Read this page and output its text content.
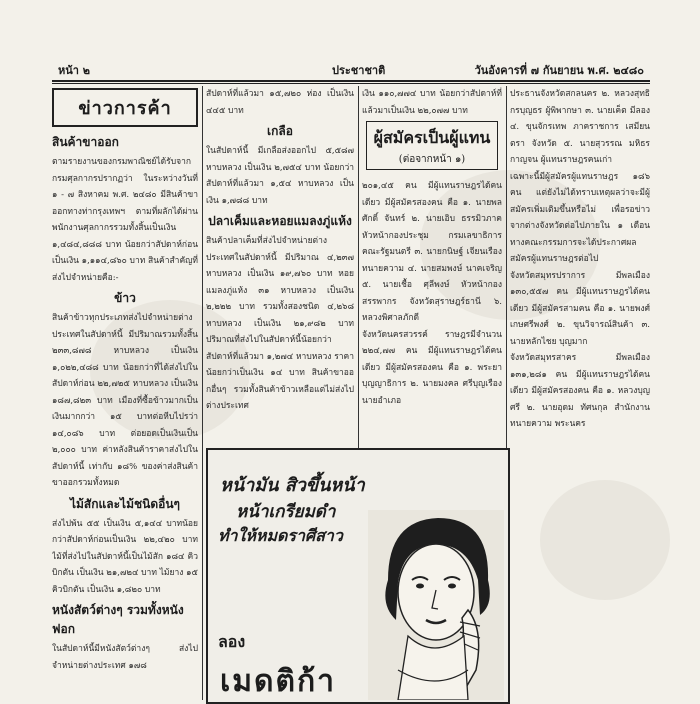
หน้า ๒	ประชาชาติ	วันอังคารที่ ๗ กันยายน พ.ศ. ๒๔๘๐
ข่าวการค้า
สินค้าขาออก
ตามรายงานของกรมพาณิชย์ได้รับจากกรมศุลกากรปรากฏว่า ในระหว่างวันที่ ๑ - ๗ สิงหาคม พ.ศ. ๒๔๘๐ มีสินค้าขาออกทางท่ากรุงเทพฯ ตามที่ผลักได้ผ่านพนักงานศุลกากรรวมทั้งสิ้นเป็นเงิน ๑,๔๘๔,๘๘๘ บาท น้อยกว่าสัปดาห์ก่อนเป็นเงิน ๑,๑๑๔,๘๖๐ บาท สินค้าสำคัญที่ส่งไปจำหน่ายคือ:-
ข้าว
สินค้าข้าวทุกประเภทส่งไปจำหน่ายต่างประเทศในสัปดาห์นี้ มีปริมาณรวมทั้งสิ้น ๒๓๓,๘๗๘ หาบหลวง เป็นเงิน ๑,๐๒๒,๔๘๘ บาท น้อยกว่าที่ได้ส่งไปในสัปดาห์ก่อน ๒๒,๗๒๕ หาบหลวง เป็นเงิน ๑๘๗,๘๒๓ บาท เมืองที่ซื้อข้าวมากเป็นเงินมากกว่า ๑๕ บาทต่อหีบไปรว่า ๑๔,๐๘๖ บาท ต่อยอดเป็นเงินเป็น ๒,๐๐๐ บาท ค่าหลังสินค้าราคาส่งไปในสัปดาห์นี้ เท่ากับ ๑๘% ของค่าส่งสินค้าขาออกรวมทั้งหมด
ไม้สักและไม้ชนิดอื่นๆ
ส่งไปพ้น ๕๕ เป็นเงิน ๕,๑๔๔ บาทน้อยกว่าสัปดาห์ก่อนเป็นเงิน ๒๒,๔๒๐ บาท ไม้ที่ส่งไปในสัปดาห์นี้เป็นไม้สัก ๑๘๔ คิวบิกตัน เป็นเงิน ๒๑,๗๒๔ บาท ไม้ยาง ๑๕ คิวบิกตัน เป็นเงิน ๑,๘๒๐ บาท
หนังสัตว์ต่างๆ รวมทั้งหนังฟอก
ในสัปดาห์นี้มีหนังสัตว์ต่างๆ ส่งไปจำหน่ายต่างประเทศ ๑๗๘
สัปดาห์ที่แล้วมา ๑๕,๗๒๐ ห่อง เป็นเงิน ๔๔๕ บาท
เกลือ
ในสัปดาห์นี้ มีเกลือส่งออกไป ๕,๕๘๗ หาบหลวง เป็นเงิน ๒,๗๕๔ บาท น้อยกว่าสัปดาห์ที่แล้วมา ๑,๕๔ หาบหลวง เป็นเงิน ๑,๗๘๘ บาท
ปลาเค็มและหอยแมลงภู่แห้ง
สินค้าปลาเค็มที่ส่งไปจำหน่ายต่างประเทศในสัปดาห์นี้ มีปริมาณ ๔,๒๓๗ หาบหลวง เป็นเงิน ๑๙,๗๖๐ บาท หอยแมลงภู่แห้ง ๓๑ หาบหลวง เป็นเงิน ๒,๒๒๒ บาท รวมทั้งสองชนิด ๔,๒๖๘ หาบหลวง เป็นเงิน ๒๑,๙๘๒ บาท ปริมาณที่ส่งไปในสัปดาห์นี้น้อยกว่าสัปดาห์ที่แล้วมา ๑,๒๗๔ หาบหลวง ราคาน้อยกว่าเป็นเงิน ๑๔ บาท สินค้าขาออกอื่นๆ รวมทั้งสินค้าข้าวเหลือแต่ไม่ส่งไปต่างประเทศ
เงิน ๑๑๐,๗๗๔ บาท น้อยกว่าสัปดาห์ที่แล้วมาเป็นเงิน ๒๒,๐๗๗ บาท
ผู้สมัครเป็นผู้แทน
(ต่อจากหน้า ๑)
๒๐๑,๔๕ คน มีผู้แทนราษฎรได้คนเดียว มีผู้สมัครสองคน คือ ๑. นายพลศักดิ์ จันทร์ ๒. นายเอิบ ธรรมิวภาค หัวหน้ากองประชุม กรมเลขาธิการคณะรัฐมนตรี ๓. นายกนิษฐ์ เจียนเรือง ทนายความ ๔. นายสมพงษ์ นาคเจริญ ๕. นายเชื้อ ศุลีพงษ์ หัวหน้ากองสรรพากร จังหวัดสุราษฎร์ธานี ๖. หลวงพิศาลภักดี
จังหวัดนครสวรรค์ ราษฎรมีจำนวน ๒๒๔,๗๗ คน มีผู้แทนราษฎรได้คนเดียว มีผู้สมัครสองคน คือ ๑. พระยาบุญญาธิการ ๒. นายมงคล ศรีบุญเรือง นายอำเภอ
ประธานจังหวัดสกลนคร ๒. หลวงสุทธิกรบุญธร ผู้พิพากษา ๓. นายเค็ต มีลอง ๔. ขุนจักรเทพ ภาคราชการ เสมียนตรา จังหวัด ๕. นายสุวรรณ มหิธรกาญจน ผู้แทนราษฎรคนเก่า
เฉพาะนี้มีผู้สมัครผู้แทนราษฎร ๑๘๖ คน แต่ยังไม่ได้ทราบเหตุผลว่าจะมีผู้สมัครเพิ่มเติมขึ้นหรือไม่ เพื่อรอข่าวจากต่างจังหวัดต่อไปภายใน ๑ เดือน ทางคณะกรรมการจะได้ประกาศผลสมัครผู้แทนราษฎรต่อไป
จังหวัดสมุทรปราการ มีพลเมือง ๑๓๐,๕๕๗ คน มีผู้แทนราษฎรได้คนเดียว มีผู้สมัครสามคน คือ ๑. นายพงศ์ เกษศรีพงศ์ ๒. ขุนวิจารณ์สินค้า ๓. นายหลักไชย บุญมาก
จังหวัดสมุทรสาคร มีพลเมือง ๑๓๑,๒๘๑ คน มีผู้แทนราษฎรได้คนเดียว มีผู้สมัครสองคน คือ ๑. หลวงบุญศรี ๒. นายอุดม ทัศนกุล สำนักงานทนายความ พระนคร
หน้ามัน สิวขึ้นหน้า
หน้าเกรียมดำ
ทำให้หมดราศีสาว
ลอง
เมดติก้า
